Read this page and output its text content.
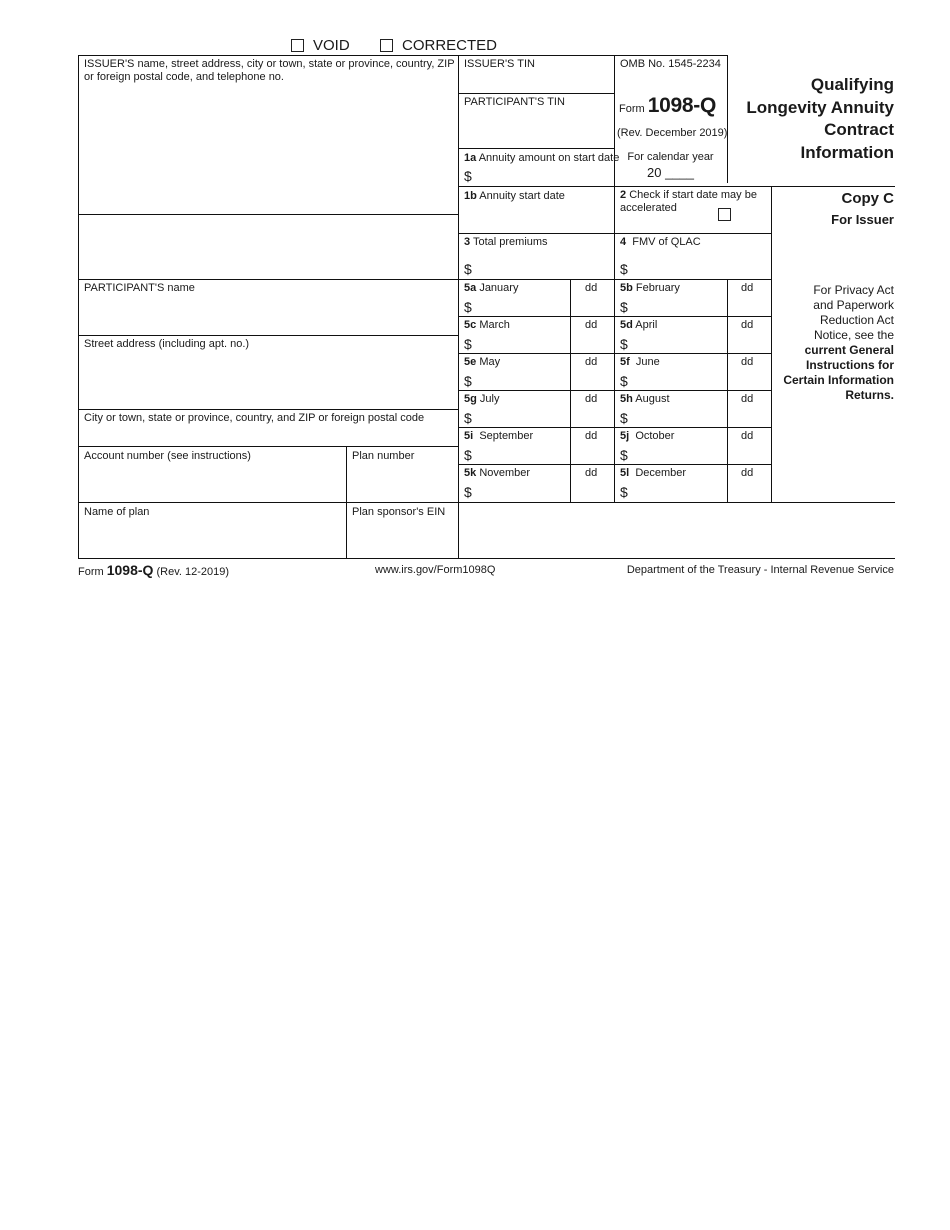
VOID	CORRECTED
ISSUER'S name, street address, city or town, state or province, country, ZIP or foreign postal code, and telephone no.
ISSUER'S TIN	OMB No. 1545-2234
Form 1098-Q
(Rev. December 2019)
For calendar year
20 ____
PARTICIPANT'S TIN
Qualifying
Longevity Annuity
Contract
Information
Copy C
For Issuer
For Privacy Act
and Paperwork
Reduction Act
Notice, see the
current General
Instructions for
Certain Information
Returns.
1a Annuity amount on start date
$
1b Annuity start date	2 Check if start date may be accelerated
3 Total premiums
$
4 FMV of QLAC
$
PARTICIPANT'S name
Street address (including apt. no.)
City or town, state or province, country, and ZIP or foreign postal code
Account number (see instructions)	Plan number
Name of plan	Plan sponsor's EIN
5a January	dd
$
5b February	dd
$
5c March	dd
$
5d April	dd
$
5e May	dd
$
5f June	dd
$
5g July	dd
$
5h August	dd
$
5i September	dd
$
5j October	dd
$
5k November	dd
$
5l December	dd
$
Form 1098-Q (Rev. 12-2019)	www.irs.gov/Form1098Q	Department of the Treasury - Internal Revenue Service
